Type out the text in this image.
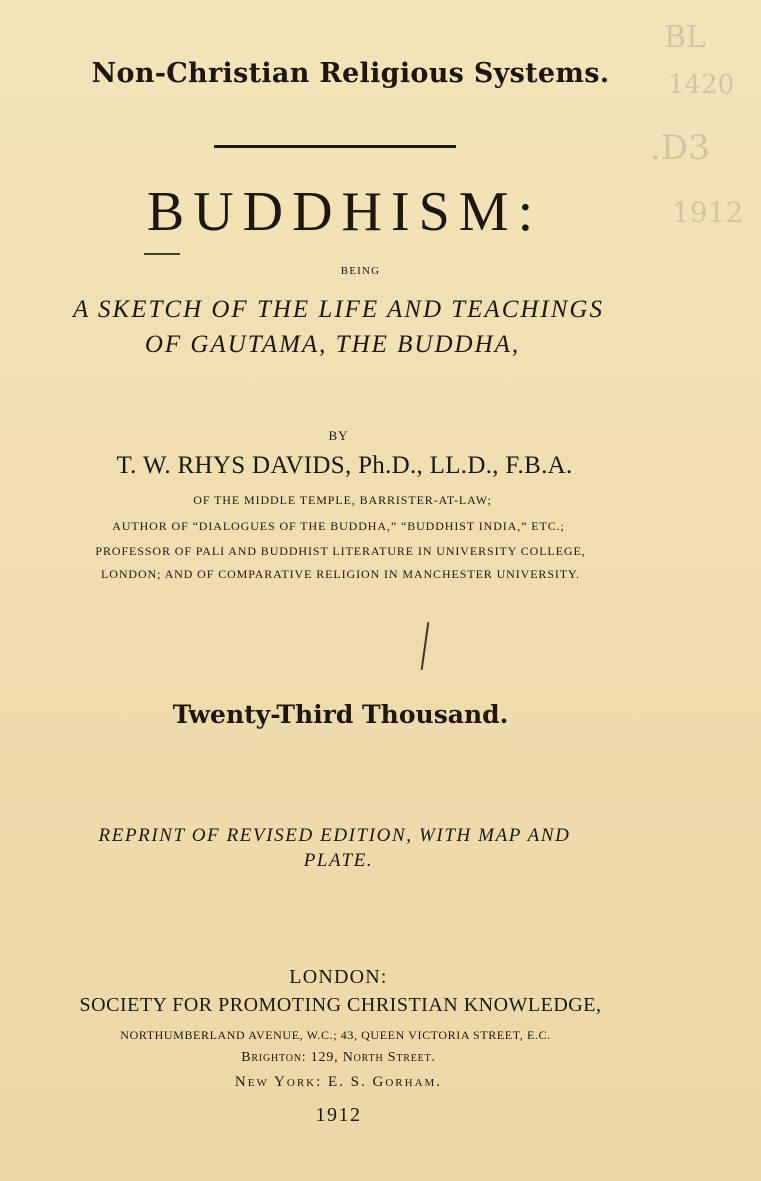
Non-Christian Religious Systems.
BUDDHISM:
BEING
A SKETCH OF THE LIFE AND TEACHINGS
OF GAUTAMA, THE BUDDHA,
BY
T. W. RHYS DAVIDS, Ph.D., LL.D., F.B.A.
OF THE MIDDLE TEMPLE, BARRISTER-AT-LAW;
AUTHOR OF “DIALOGUES OF THE BUDDHA,” “BUDDHIST INDIA,” ETC.;
PROFESSOR OF PALI AND BUDDHIST LITERATURE IN UNIVERSITY COLLEGE,
LONDON; AND OF COMPARATIVE RELIGION IN MANCHESTER UNIVERSITY.
Twenty-Third Thousand.
REPRINT OF REVISED EDITION, WITH MAP AND
PLATE.
LONDON:
SOCIETY FOR PROMOTING CHRISTIAN KNOWLEDGE,
NORTHUMBERLAND AVENUE, W.C.; 43, QUEEN VICTORIA STREET, E.C.
Brighton: 129, North Street.
New York: E. S. Gorham.
1912
BL
1420
.D3
1912
